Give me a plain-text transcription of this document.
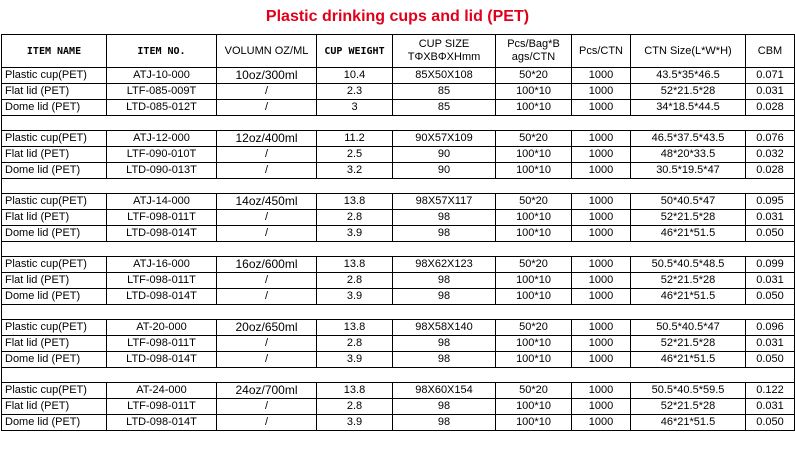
Plastic drinking cups and lid (PET)
ITEM NAME	ITEM NO.	VOLUMN OZ/ML	CUP WEIGHT	CUP SIZE TΦXBΦXHmm	Pcs/Bag*B ags/CTN	Pcs/CTN	CTN Size(L*W*H)	CBM
Plastic cup(PET)	ATJ-10-000	10oz/300ml	10.4	85X50X108	50*20	1000	43.5*35*46.5	0.071
Flat lid (PET)	LTF-085-009T	/	2.3	85	100*10	1000	52*21.5*28	0.031
Dome lid (PET)	LTD-085-012T	/	3	85	100*10	1000	34*18.5*44.5	0.028

Plastic cup(PET)	ATJ-12-000	12oz/400ml	11.2	90X57X109	50*20	1000	46.5*37.5*43.5	0.076
Flat lid (PET)	LTF-090-010T	/	2.5	90	100*10	1000	48*20*33.5	0.032
Dome lid (PET)	LTD-090-013T	/	3.2	90	100*10	1000	30.5*19.5*47	0.028

Plastic cup(PET)	ATJ-14-000	14oz/450ml	13.8	98X57X117	50*20	1000	50*40.5*47	0.095
Flat lid (PET)	LTF-098-011T	/	2.8	98	100*10	1000	52*21.5*28	0.031
Dome lid (PET)	LTD-098-014T	/	3.9	98	100*10	1000	46*21*51.5	0.050

Plastic cup(PET)	ATJ-16-000	16oz/600ml	13.8	98X62X123	50*20	1000	50.5*40.5*48.5	0.099
Flat lid (PET)	LTF-098-011T	/	2.8	98	100*10	1000	52*21.5*28	0.031
Dome lid (PET)	LTD-098-014T	/	3.9	98	100*10	1000	46*21*51.5	0.050

Plastic cup(PET)	AT-20-000	20oz/650ml	13.8	98X58X140	50*20	1000	50.5*40.5*47	0.096
Flat lid (PET)	LTF-098-011T	/	2.8	98	100*10	1000	52*21.5*28	0.031
Dome lid (PET)	LTD-098-014T	/	3.9	98	100*10	1000	46*21*51.5	0.050

Plastic cup(PET)	AT-24-000	24oz/700ml	13.8	98X60X154	50*20	1000	50.5*40.5*59.5	0.122
Flat lid (PET)	LTF-098-011T	/	2.8	98	100*10	1000	52*21.5*28	0.031
Dome lid (PET)	LTD-098-014T	/	3.9	98	100*10	1000	46*21*51.5	0.050
